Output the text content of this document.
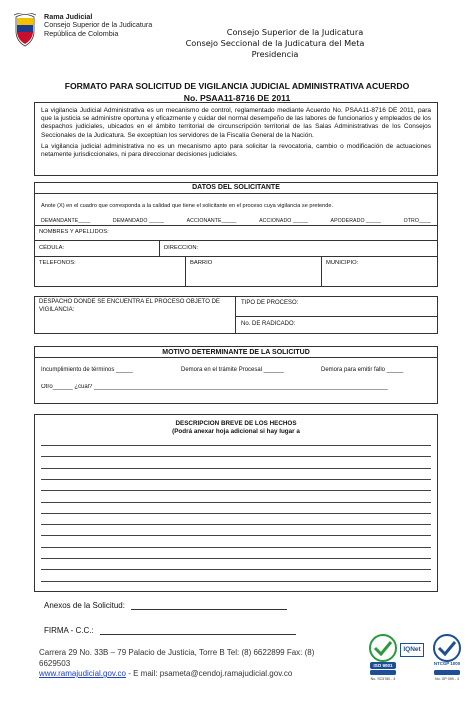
Rama Judicial
Consejo Superior de la Judicatura
República de Colombia	Consejo Superior de la Judicatura
Consejo Seccional de la Judicatura del Meta
Presidencia
FORMATO PARA SOLICITUD DE VIGILANCIA JUDICIAL ADMINISTRATIVA ACUERDO
No. PSAA11-8716 DE 2011

La vigilancia Judicial Administrativa es un mecanismo de control, reglamentado mediante Acuerdo No. PSAA11-8716 DE 2011, para que la justicia se administre oportuna y eficazmente y cuidar del normal desempeño de las labores de funcionarios y empleados de los despachos judiciales, ubicados en el ámbito territorial de circunscripción territorial de las Salas Administrativas de los Consejos Seccionales de la Judicatura. Se exceptúan los servidores de la Fiscalía General de la Nación.

La vigilancia judicial administrativa no es un mecanismo apto para solicitar la revocatoria, cambio o modificación de actuaciones netamente jurisdiccionales, ni para direccionar decisiones judiciales.

DATOS DEL SOLICITANTE
Anote (X) en el cuadro que corresponda a la calidad que tiene el solicitante en el proceso cuya vigilancia se pretende.
DEMANDANTE____	DEMANDADO _____	ACCIONANTE_____	ACCIONADO _____	APODERADO _____	OTRO____
NOMBRES Y APELLIDOS:
CÉDULA:	DIRECCION:
TELEFONOS:	BARRIO	MUNICIPIO:
DESPACHO DONDE SE ENCUENTRA EL PROCESO OBJETO DE VIGILANCIA:
TIPO DE PROCESO:
No. DE RADICADO:
MOTIVO DETERMINANTE DE LA SOLICITUD
Incumplimiento de términos _____	Demora en el trámite Procesal ______	Demora para emitir fallo _____
Otro______ ¿cuál? ________________________________________________________________________________________
DESCRIPCION BREVE DE LOS HECHOS
(Podrá anexar hoja adicional si hay lugar a
Anexos de la Solicitud:
FIRMA - C.C.:
Carrera 29 No. 33B – 79 Palacio de Justicia, Torre B Tel: (8) 6622899 Fax: (8)
6629503
www.ramajudicial.gov.co - E mail: psameta@cendoj.ramajudicial.gov.co
ISO 9001
No. SC5780 - 4
IQNet
NTCGP 1000
No. GP 059 - 4
